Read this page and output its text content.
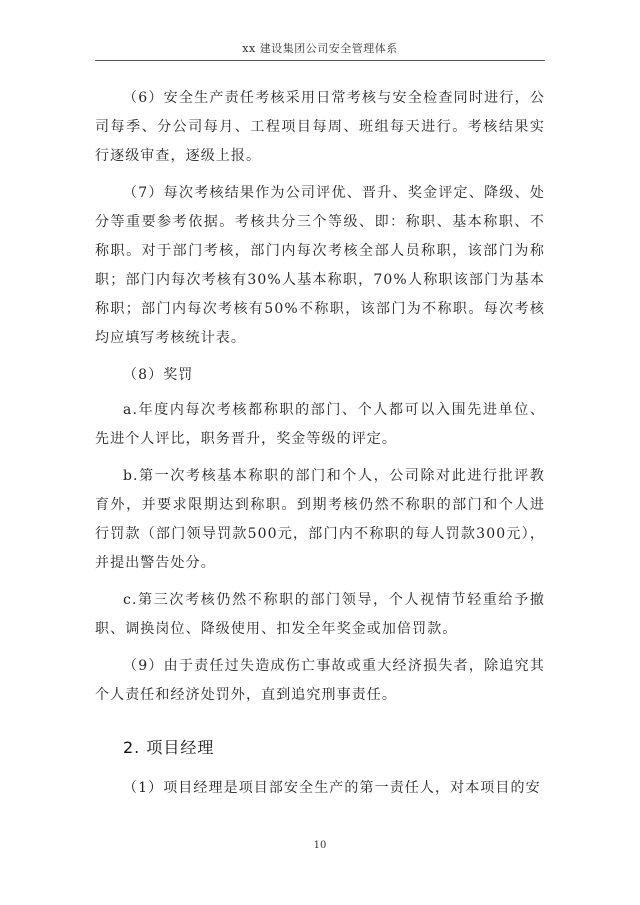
xx 建设集团公司安全管理体系

（6）安全生产责任考核采用日常考核与安全检查同时进行，公司每季、分公司每月、工程项目每周、班组每天进行。考核结果实行逐级审查，逐级上报。

（7）每次考核结果作为公司评优、晋升、奖金评定、降级、处分等重要参考依据。考核共分三个等级、即：称职、基本称职、不称职。对于部门考核，部门内每次考核全部人员称职，该部门为称职；部门内每次考核有30%人基本称职，70%人称职该部门为基本称职；部门内每次考核有50%不称职，该部门为不称职。每次考核均应填写考核统计表。

（8）奖罚

a.年度内每次考核都称职的部门、个人都可以入围先进单位、先进个人评比，职务晋升，奖金等级的评定。

b.第一次考核基本称职的部门和个人，公司除对此进行批评教育外，并要求限期达到称职。到期考核仍然不称职的部门和个人进行罚款（部门领导罚款500元，部门内不称职的每人罚款300元），并提出警告处分。

c.第三次考核仍然不称职的部门领导，个人视情节轻重给予撤职、调换岗位、降级使用、扣发全年奖金或加倍罚款。

（9）由于责任过失造成伤亡事故或重大经济损失者，除追究其个人责任和经济处罚外，直到追究刑事责任。

2. 项目经理

（1）项目经理是项目部安全生产的第一责任人，对本项目的安

10
